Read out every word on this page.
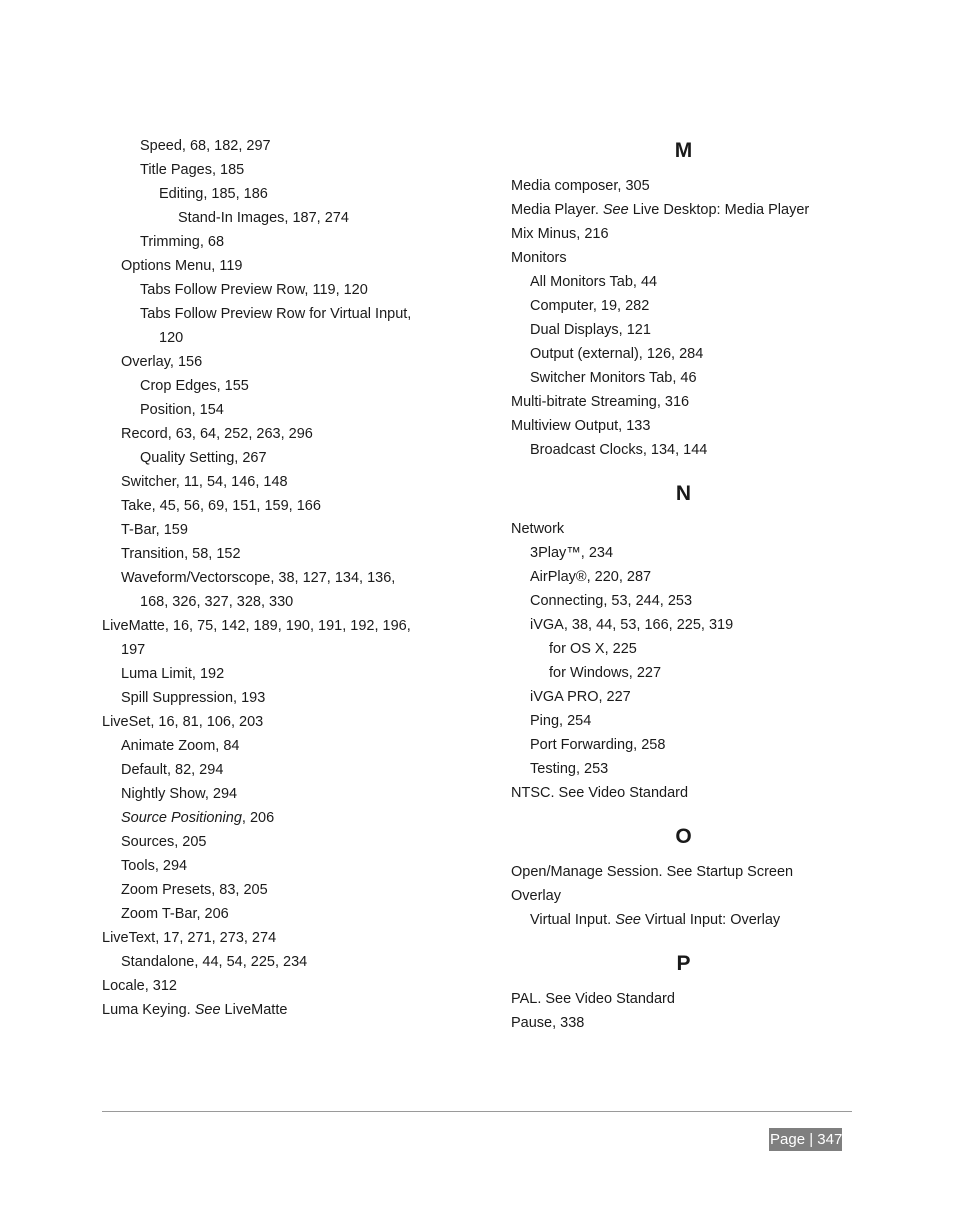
Speed, 68, 182, 297
Title Pages, 185
Editing, 185, 186
Stand-In Images, 187, 274
Trimming, 68
Options Menu, 119
Tabs Follow Preview Row, 119, 120
Tabs Follow Preview Row for Virtual Input,
120
Overlay, 156
Crop Edges, 155
Position, 154
Record, 63, 64, 252, 263, 296
Quality Setting, 267
Switcher, 11, 54, 146, 148
Take, 45, 56, 69, 151, 159, 166
T-Bar, 159
Transition, 58, 152
Waveform/Vectorscope, 38, 127, 134, 136,
168, 326, 327, 328, 330
LiveMatte, 16, 75, 142, 189, 190, 191, 192, 196,
197
Luma Limit, 192
Spill Suppression, 193
LiveSet, 16, 81, 106, 203
Animate Zoom, 84
Default, 82, 294
Nightly Show, 294
Source Positioning, 206
Sources, 205
Tools, 294
Zoom Presets, 83, 205
Zoom T-Bar, 206
LiveText, 17, 271, 273, 274
Standalone, 44, 54, 225, 234
Locale, 312
Luma Keying. See LiveMatte
M
Media composer, 305
Media Player. See Live Desktop: Media Player
Mix Minus, 216
Monitors
All Monitors Tab, 44
Computer, 19, 282
Dual Displays, 121
Output (external), 126, 284
Switcher Monitors Tab, 46
Multi-bitrate Streaming, 316
Multiview Output, 133
Broadcast Clocks, 134, 144
N
Network
3Play™, 234
AirPlay®, 220, 287
Connecting, 53, 244, 253
iVGA, 38, 44, 53, 166, 225, 319
for OS X, 225
for Windows, 227
iVGA PRO, 227
Ping, 254
Port Forwarding, 258
Testing, 253
NTSC. See Video Standard
O
Open/Manage Session. See Startup Screen
Overlay
Virtual Input. See Virtual Input: Overlay
P
PAL. See Video Standard
Pause, 338
Page | 347
